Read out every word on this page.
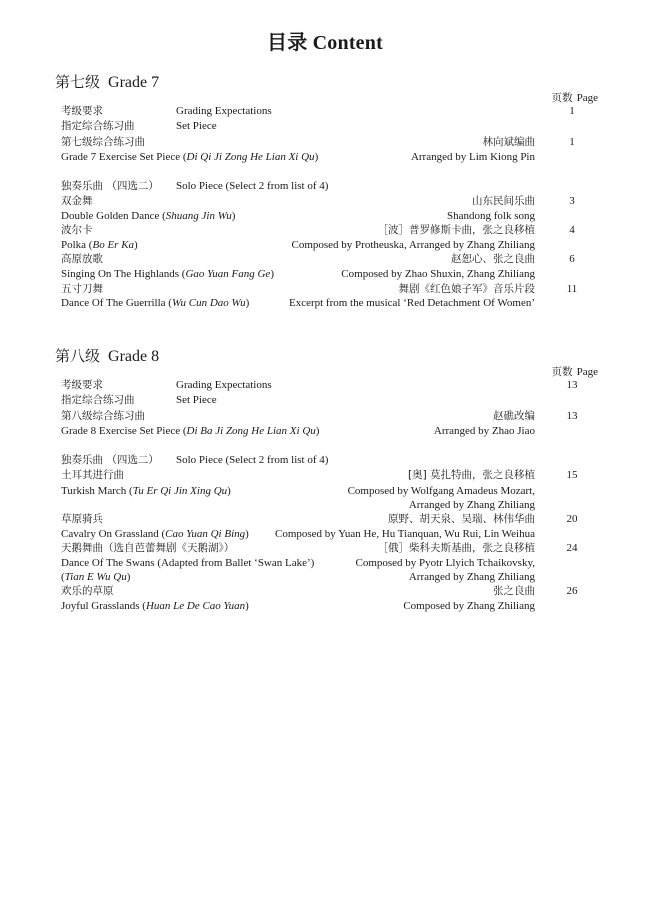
目录 Content
第七级 Grade 7
页数 Page
考级要求	Grading Expectations	1
指定综合练习曲	Set Piece
第七级综合练习曲	林向斌编曲	1
Grade 7 Exercise Set Piece (Di Qi Ji Zong He Lian Xi Qu)	Arranged by Lim Kiong Pin
独奏乐曲 （四选二） Solo Piece (Select 2 from list of 4)
双金舞	山东民间乐曲	3
Double Golden Dance (Shuang Jin Wu)	Shandong folk song
波尔卡	［波］普罗修斯卡曲，张之良移植	4
Polka (Bo Er Ka)	Composed by Protheuska, Arranged by Zhang Zhiliang
高原放歌	赵恕心、张之良曲	6
Singing On The Highlands (Gao Yuan Fang Ge)	Composed by Zhao Shuxin, Zhang Zhiliang
五寸刀舞	舞剧《红色娘子军》音乐片段	11
Dance Of The Guerrilla (Wu Cun Dao Wu)	Excerpt from the musical ‘Red Detachment Of Women’
第八级 Grade 8
页数 Page
考级要求	Grading Expectations	13
指定综合练习曲	Set Piece
第八级综合练习曲	赵礁改编	13
Grade 8 Exercise Set Piece (Di Ba Ji Zong He Lian Xi Qu)	Arranged by Zhao Jiao
独奏乐曲 （四选二） Solo Piece (Select 2 from list of 4)
土耳其进行曲	[奥] 莫扎特曲，张之良移植	15
Turkish March (Tu Er Qi Jin Xing Qu)	Composed by Wolfgang Amadeus Mozart,
Arranged by Zhang Zhiliang
草原骑兵	原野、胡天泉、吴瑞、林伟华曲	20
Cavalry On Grassland (Cao Yuan Qi Bing) Composed by Yuan He, Hu Tianquan, Wu Rui, Lin Weihua
天鹅舞曲（选自芭蕾舞剧《天鹅湖》）	［俄］柴科夫斯基曲，张之良移植	24
Dance Of The Swans (Adapted from Ballet ‘Swan Lake’)	Composed by Pyotr Llyich Tchaikovsky,
(Tian E Wu Qu)	Arranged by Zhang Zhiliang
欢乐的草原	张之良曲	26
Joyful Grasslands (Huan Le De Cao Yuan)	Composed by Zhang Zhiliang
